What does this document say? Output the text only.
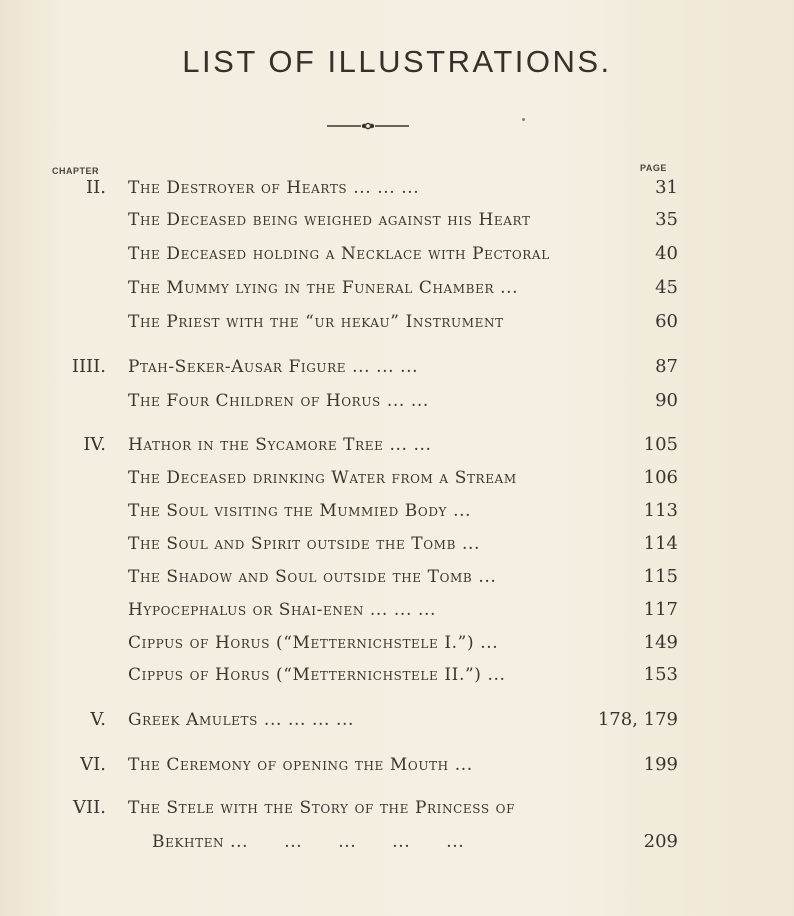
LIST OF ILLUSTRATIONS.
CHAPTER	PAGE
II. The Destroyer of Hearts ... ... ...	31
The Deceased being weighed against his Heart	35
The Deceased holding a Necklace with Pectoral	40
The Mummy lying in the Funeral Chamber ...	45
The Priest with the “ur hekau” Instrument	60
IIII. Ptah-Seker-Ausar Figure ... ... ...	87
The Four Children of Horus ... ...	90
IV. Hathor in the Sycamore Tree ... ...	105
The Deceased drinking Water from a Stream	106
The Soul visiting the Mummied Body ...	113
The Soul and Spirit outside the Tomb ...	114
The Shadow and Soul outside the Tomb ...	115
Hypocephalus or Shai-enen ... ... ...	117
Cippus of Horus (“Metternichstele I.”) ...	149
Cippus of Horus (“Metternichstele II.”) ...	153
V. Greek Amulets ... ... ... ...	178, 179
VI. The Ceremony of opening the Mouth ...	199
VII. The Stele with the Story of the Princess of
Bekhten ...      ...      ...      ...      ...	209
